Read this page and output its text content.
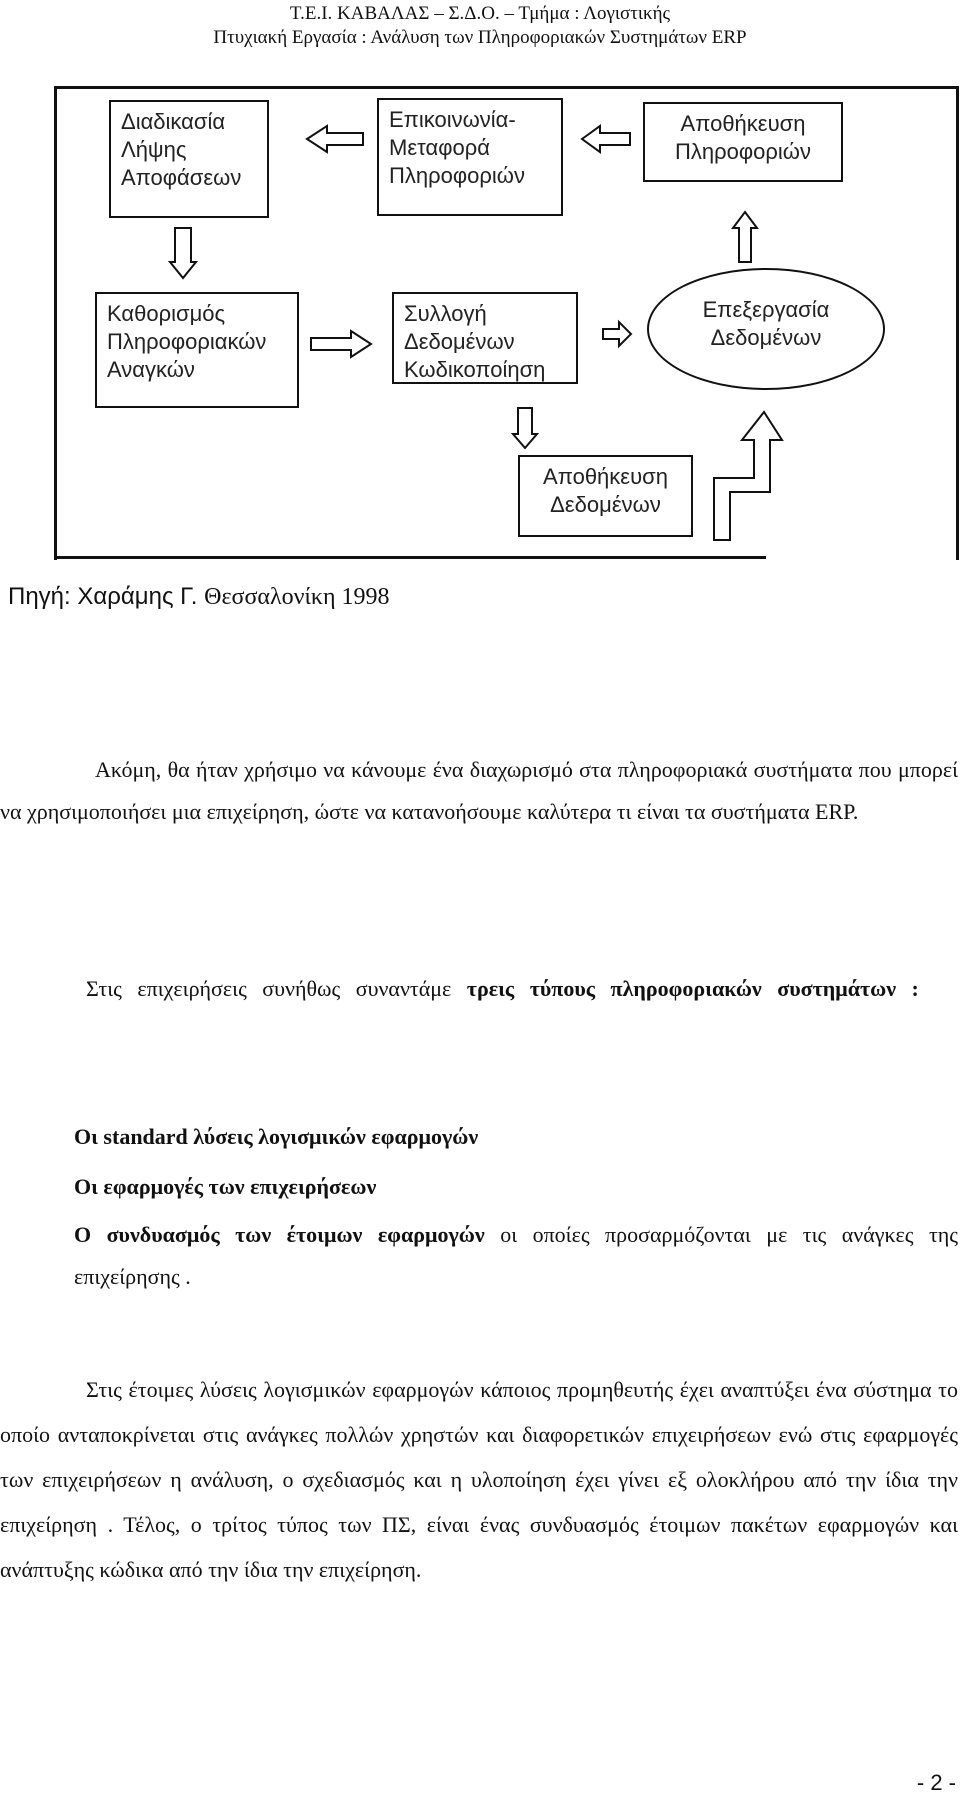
Τ.Ε.Ι. ΚΑΒΑΛΑΣ – Σ.Δ.Ο. – Τμήμα : Λογιστικής
Πτυχιακή Εργασία : Ανάλυση των Πληροφοριακών Συστημάτων ERP
Διαδικασία Λήψης Αποφάσεων
Επικοινωνία- Μεταφορά Πληροφοριών
Αποθήκευση Πληροφοριών
Καθορισμός Πληροφοριακών Αναγκών
Συλλογή Δεδομένων Κωδικοποίηση
Επεξεργασία Δεδομένων
Αποθήκευση Δεδομένων
Πηγή: Χαράμης Γ. Θεσσαλονίκη 1998

Ακόμη, θα ήταν χρήσιμο να κάνουμε ένα διαχωρισμό στα πληροφοριακά συστήματα που μπορεί να χρησιμοποιήσει μια επιχείρηση, ώστε να κατανοήσουμε καλύτερα τι είναι τα συστήματα ERP.

Στις επιχειρήσεις συνήθως συναντάμε τρεις τύπους πληροφοριακών συστημάτων :

Οι standard λύσεις λογισμικών εφαρμογών
Οι εφαρμογές των επιχειρήσεων

Ο συνδυασμός των έτοιμων εφαρμογών οι οποίες προσαρμόζονται με τις ανάγκες της επιχείρησης .

Στις έτοιμες λύσεις λογισμικών εφαρμογών κάποιος προμηθευτής έχει αναπτύξει ένα σύστημα το οποίο ανταποκρίνεται στις ανάγκες πολλών χρηστών και διαφορετικών επιχειρήσεων ενώ στις εφαρμογές των επιχειρήσεων η ανάλυση, ο σχεδιασμός και η υλοποίηση έχει γίνει εξ ολοκλήρου από την ίδια την επιχείρηση . Τέλος, ο τρίτος τύπος των ΠΣ, είναι ένας συνδυασμός έτοιμων πακέτων εφαρμογών και ανάπτυξης κώδικα από την ίδια την επιχείρηση.

- 2 -
